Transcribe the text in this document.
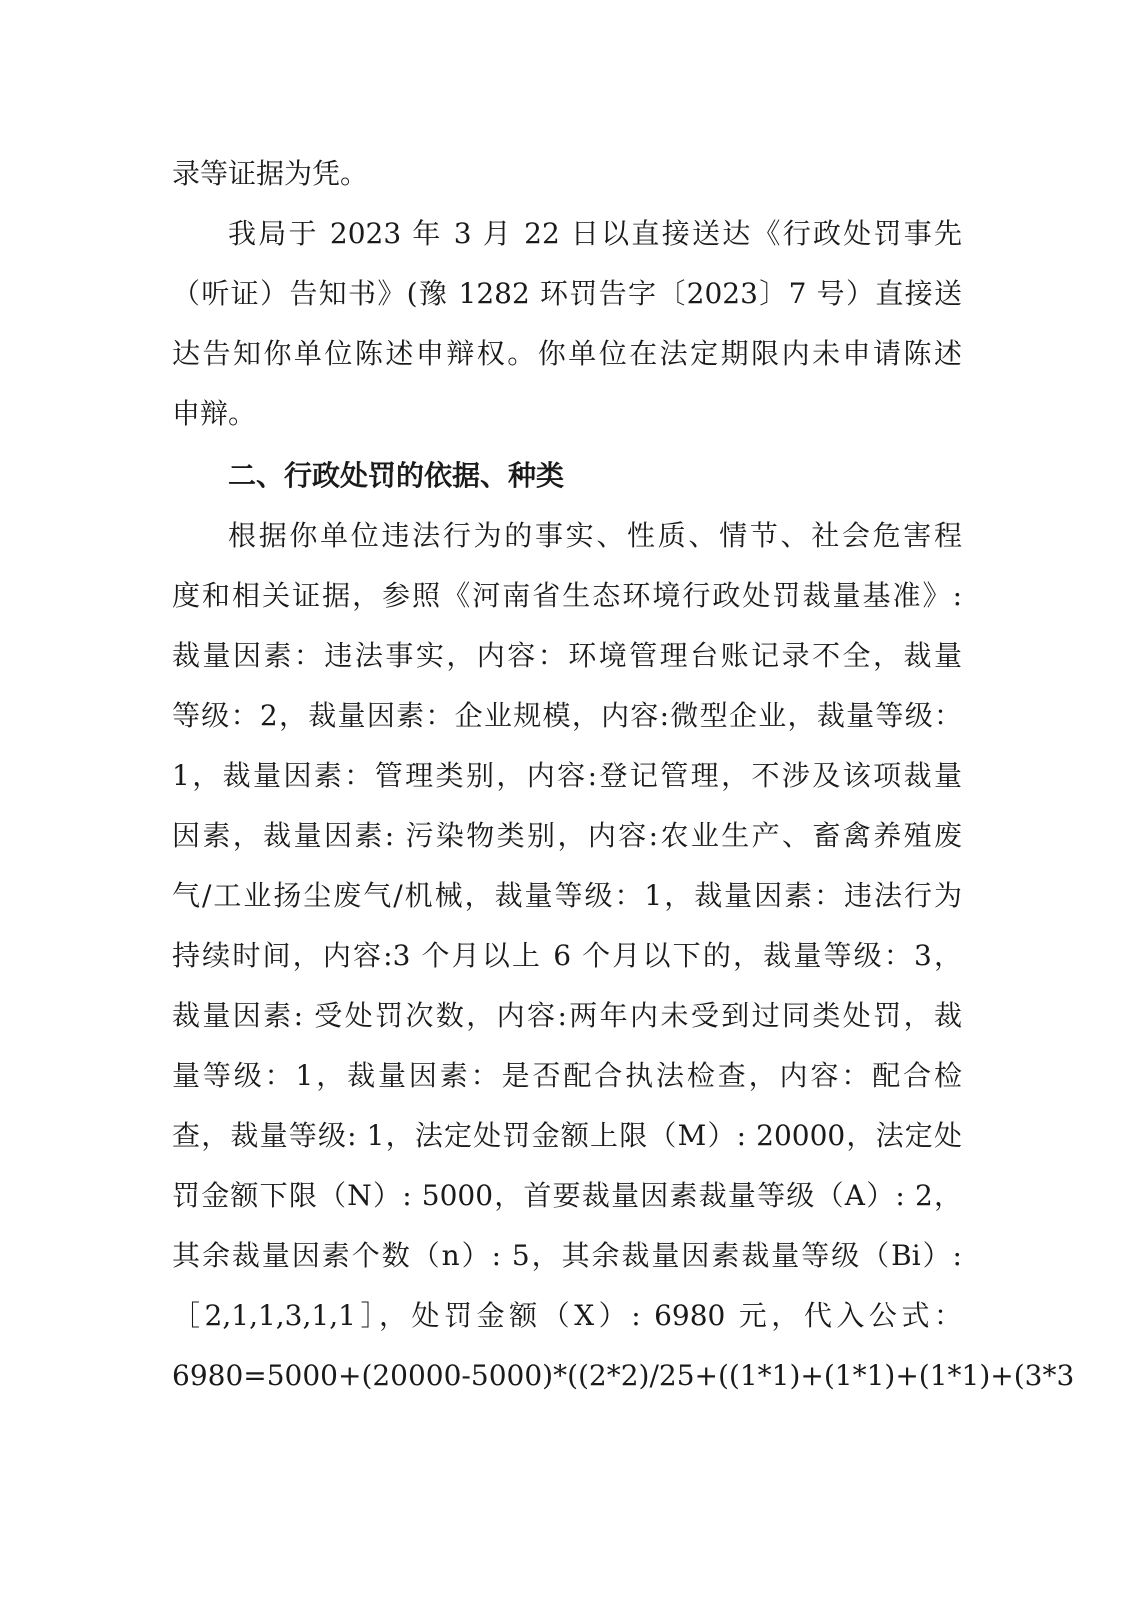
录等证据为凭。
我局于 2023 年 3 月 22 日以直接送达《行政处罚事先
（听证）告知书》(豫 1282 环罚告字〔2023〕7 号）直接送
达告知你单位陈述申辩权。你单位在法定期限内未申请陈述
申辩。
二、行政处罚的依据、种类
根据你单位违法行为的事实、性质、情节、社会危害程
度和相关证据，参照《河南省生态环境行政处罚裁量基准》:
裁量因素：违法事实，内容：环境管理台账记录不全，裁量
等级：2，裁量因素：企业规模，内容:微型企业，裁量等级：
1，裁量因素：管理类别，内容:登记管理，不涉及该项裁量
因素，裁量因素: 污染物类别，内容:农业生产、畜禽养殖废
气/工业扬尘废气/机械，裁量等级：1，裁量因素：违法行为
持续时间，内容:3 个月以上 6 个月以下的，裁量等级：3，
裁量因素: 受处罚次数，内容:两年内未受到过同类处罚，裁
量等级：1，裁量因素：是否配合执法检查，内容：配合检
查，裁量等级: 1，法定处罚金额上限（M）: 20000，法定处
罚金额下限（N）: 5000，首要裁量因素裁量等级（A）: 2，
其余裁量因素个数（n）: 5，其余裁量因素裁量等级（Bi）:
［2,1,1,3,1,1］，处罚金额（X）: 6980 元，代入公式：
6980=5000+(20000-5000)*((2*2)/25+((1*1)+(1*1)+(1*1)+(3*3
